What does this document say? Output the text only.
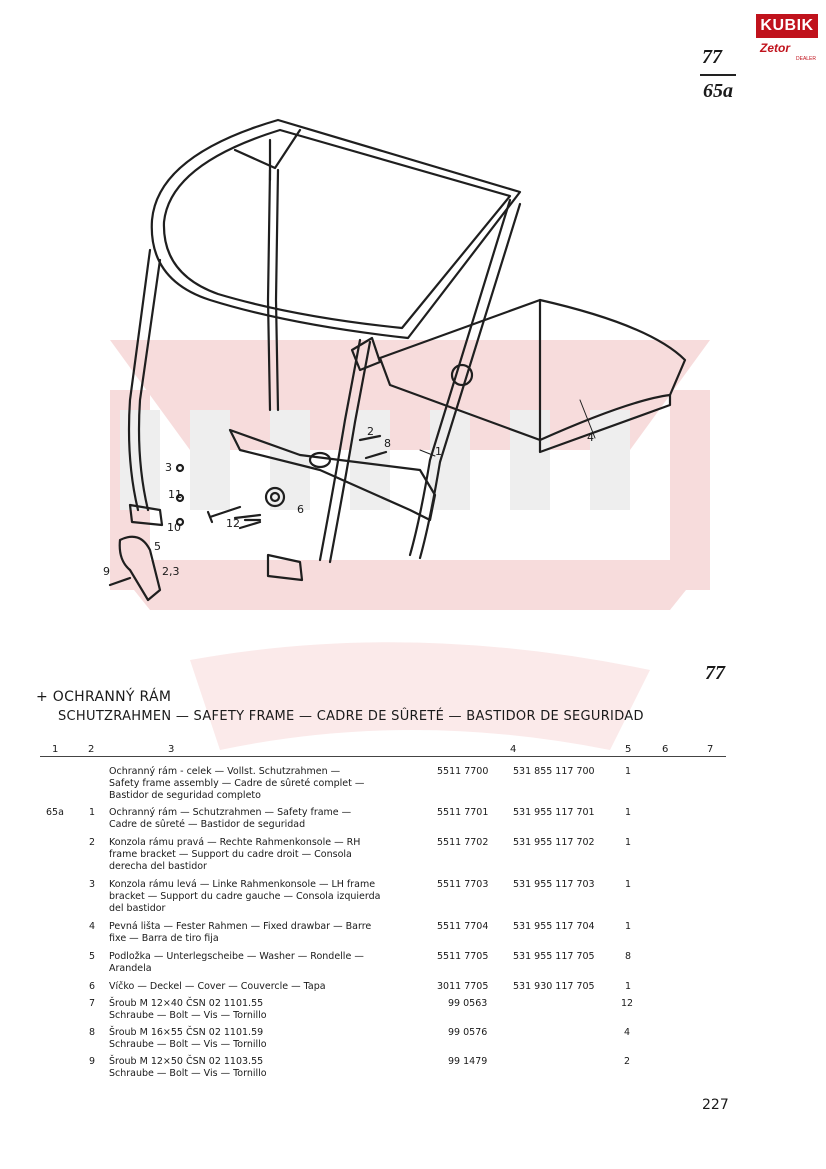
KUBIK
Zetor
DEALER
77
65a
2
8
1
4
3
11
10
5
2,3
9
12
6
77
+ OCHRANNÝ RÁM
SCHUTZRAHMEN — SAFETY FRAME — CADRE DE SÛRETÉ — BASTIDOR DE SEGURIDAD
1	2	3	4	5	6	7
Ochranný rám - celek — Vollst. Schutzrahmen —
Safety frame assembly — Cadre de sûreté complet —
Bastidor de seguridad completo
5511 7700	531 855 117 700	1
65a	1 Ochranný rám — Schutzrahmen — Safety frame —
Cadre de sûreté — Bastidor de seguridad
5511 7701	531 955 117 701	1
2 Konzola rámu pravá — Rechte Rahmenkonsole — RH
frame bracket — Support du cadre droit — Consola
derecha del bastidor
5511 7702	531 955 117 702	1
3 Konzola rámu levá — Linke Rahmenkonsole — LH frame
bracket — Support du cadre gauche — Consola izquierda
del bastidor
5511 7703	531 955 117 703	1
4 Pevná lišta — Fester Rahmen — Fixed drawbar — Barre
fixe — Barra de tiro fija
5511 7704	531 955 117 704	1
5 Podložka — Unterlegscheibe — Washer — Rondelle —
Arandela
5511 7705	531 955 117 705	8
6 Víčko — Deckel — Cover — Couvercle — Tapa	3011 7705	531 930 117 705	1
7 Šroub M 12×40 ČSN 02 1101.55
Schraube — Bolt — Vis — Tornillo
99 0563	12
8 Šroub M 16×55 ČSN 02 1101.59
Schraube — Bolt — Vis — Tornillo
99 0576	4
9 Šroub M 12×50 ČSN 02 1103.55
Schraube — Bolt — Vis — Tornillo
99 1479	2
227
